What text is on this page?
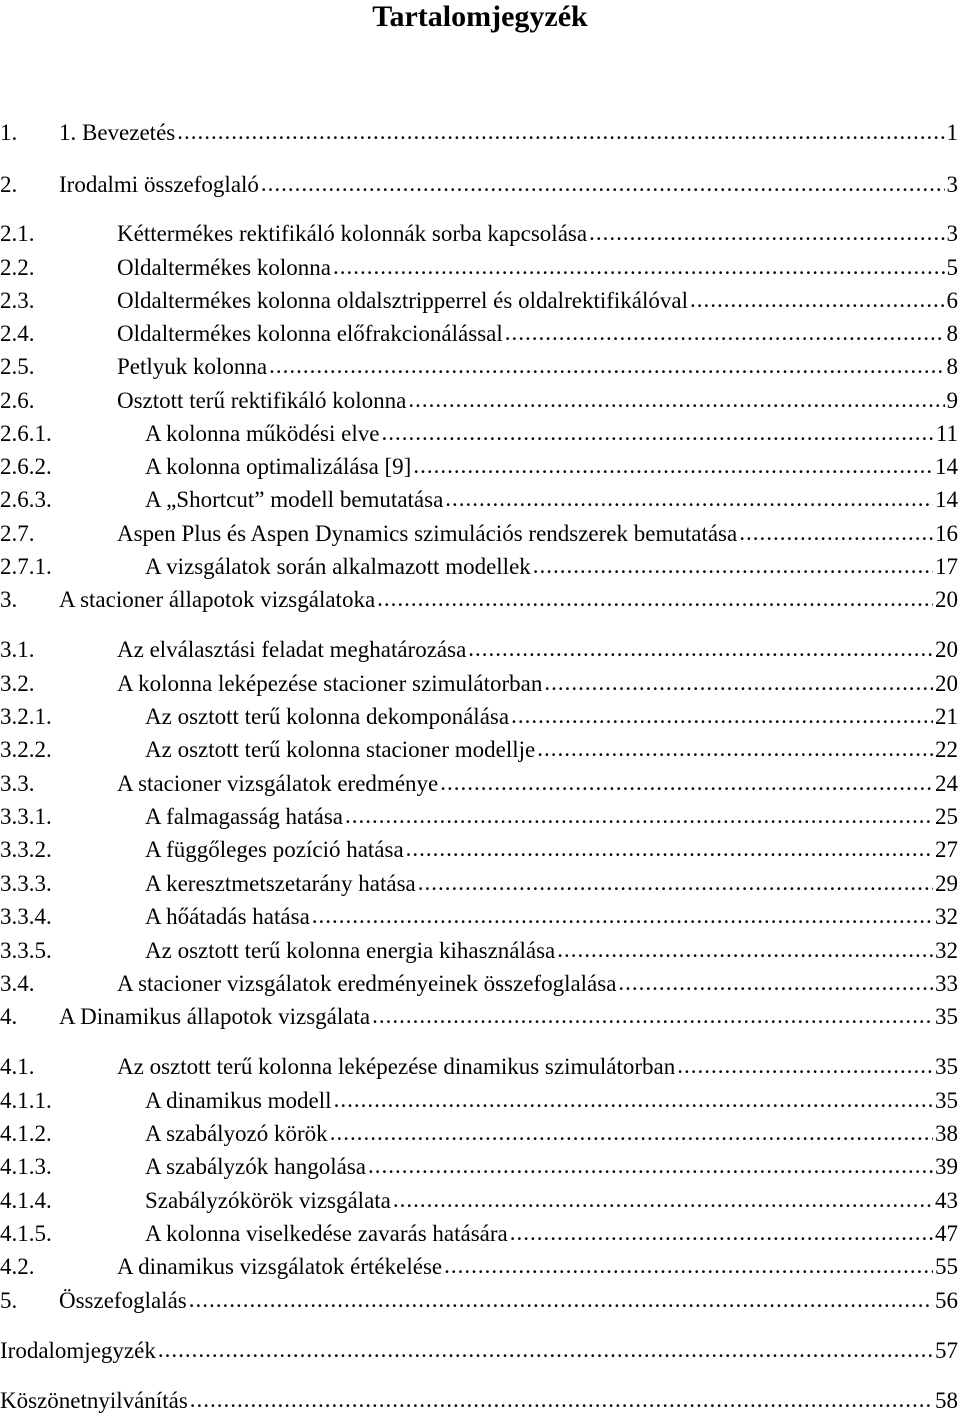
Tartalomjegyzék
1.	1. Bevezetés .....	1
2.	Irodalmi összefoglaló .....	3
2.1.	Kéttermékes rektifikáló kolonnák sorba kapcsolása .....	3
2.2.	Oldaltermékes kolonna .....	5
2.3.	Oldaltermékes kolonna oldalsztripperrel és oldalrektifikálóval .....	6
2.4.	Oldaltermékes kolonna előfrakcionálással .....	8
2.5.	Petlyuk kolonna .....	8
2.6.	Osztott terű rektifikáló kolonna .....	9
2.6.1.	A kolonna működési elve .....	11
2.6.2.	A kolonna optimalizálása [9] .....	14
2.6.3.	A „Shortcut” modell bemutatása .....	14
2.7.	Aspen Plus és Aspen Dynamics szimulációs rendszerek bemutatása .....	16
2.7.1.	A vizsgálatok során alkalmazott modellek .....	17
3.	A stacioner állapotok vizsgálatoka .....	20
3.1.	Az elválasztási feladat meghatározása .....	20
3.2.	A kolonna leképezése stacioner szimulátorban .....	20
3.2.1.	Az osztott terű kolonna dekomponálása .....	21
3.2.2.	Az osztott terű kolonna stacioner modellje .....	22
3.3.	A stacioner vizsgálatok eredménye .....	24
3.3.1.	A falmagasság hatása .....	25
3.3.2.	A függőleges pozíció hatása .....	27
3.3.3.	A keresztmetszetarány hatása .....	29
3.3.4.	A hőátadás hatása .....	32
3.3.5.	Az osztott terű kolonna energia kihasználása .....	32
3.4.	A stacioner vizsgálatok eredményeinek összefoglalása .....	33
4.	A Dinamikus állapotok vizsgálata .....	35
4.1.	Az osztott terű kolonna leképezése dinamikus szimulátorban .....	35
4.1.1.	A dinamikus modell .....	35
4.1.2.	A szabályozó körök .....	38
4.1.3.	A szabályzók hangolása .....	39
4.1.4.	Szabályzókörök vizsgálata .....	43
4.1.5.	A kolonna viselkedése zavarás hatására .....	47
4.2.	A dinamikus vizsgálatok értékelése .....	55
5.	Összefoglalás .....	56
Irodalomjegyzék .....	57
Köszönetnyilvánítás .....	58
